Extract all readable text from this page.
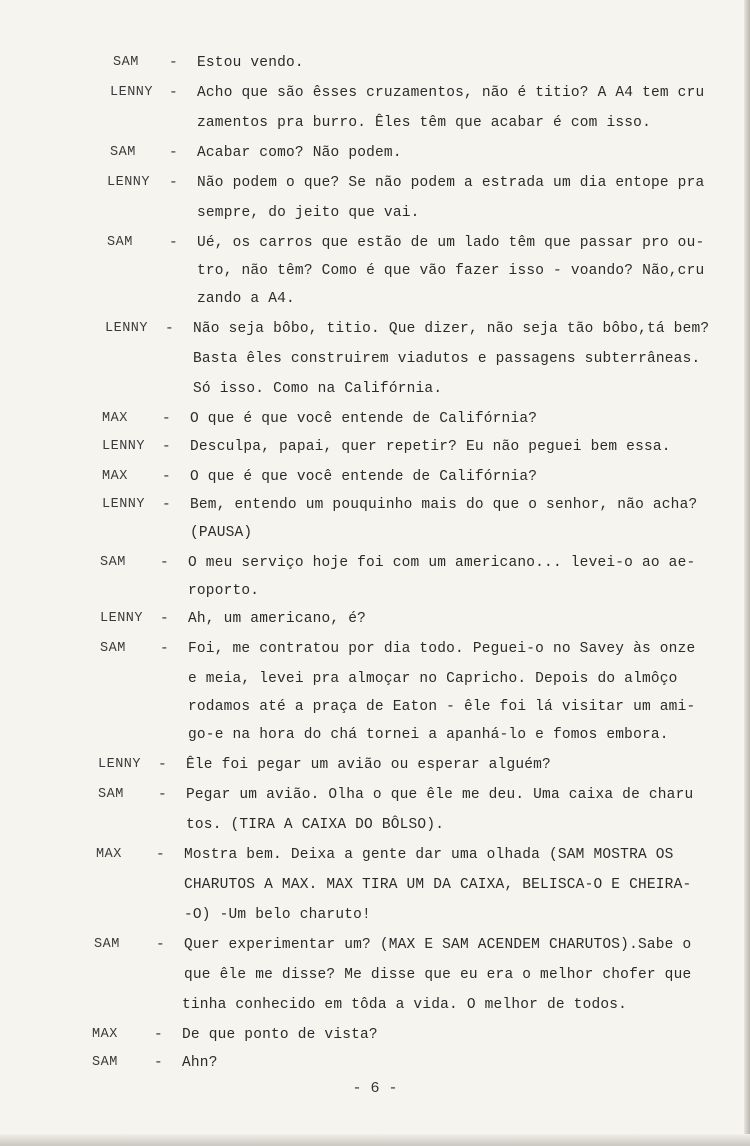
SAM	- Estou vendo.
LENNY	- Acho que são êsses cruzamentos, não é titio? A A4 tem cru
zamentos pra burro. Êles têm que acabar é com isso.
SAM	- Acabar como? Não podem.
LENNY	- Não podem o que? Se não podem a estrada um dia entope pra
sempre, do jeito que vai.
SAM	- Ué, os carros que estão de um lado têm que passar pro ou-
tro, não têm? Como é que vão fazer isso - voando? Não,cru
zando a A4.
LENNY	- Não seja bôbo, titio. Que dizer, não seja tão bôbo,tá bem?
Basta êles construirem viadutos e passagens subterrâneas.
Só isso. Como na Califórnia.
MAX	- O que é que você entende de Califórnia?
LENNY	- Desculpa, papai, quer repetir? Eu não peguei bem essa.
MAX	- O que é que você entende de Califórnia?
LENNY	- Bem, entendo um pouquinho mais do que o senhor, não acha?
(PAUSA)
SAM	- O meu serviço hoje foi com um americano... levei-o ao ae-
roporto.
LENNY	- Ah, um americano, é?
SAM	- Foi, me contratou por dia todo. Peguei-o no Savey às onze
e meia, levei pra almoçar no Capricho. Depois do almôço
rodamos até a praça de Eaton - êle foi lá visitar um ami-
go-e na hora do chá tornei a apanhá-lo e fomos embora.
LENNY	- Êle foi pegar um avião ou esperar alguém?
SAM	- Pegar um avião. Olha o que êle me deu. Uma caixa de charu
tos. (TIRA A CAIXA DO BÔLSO).
MAX	- Mostra bem. Deixa a gente dar uma olhada (SAM MOSTRA OS
CHARUTOS A MAX. MAX TIRA UM DA CAIXA, BELISCA-O E CHEIRA-
-O) -Um belo charuto!
SAM	- Quer experimentar um? (MAX E SAM ACENDEM CHARUTOS).Sabe o
que êle me disse? Me disse que eu era o melhor chofer que
tinha conhecido em tôda a vida. O melhor de todos.
MAX	- De que ponto de vista?
SAM	- Ahn?
- 6 -
